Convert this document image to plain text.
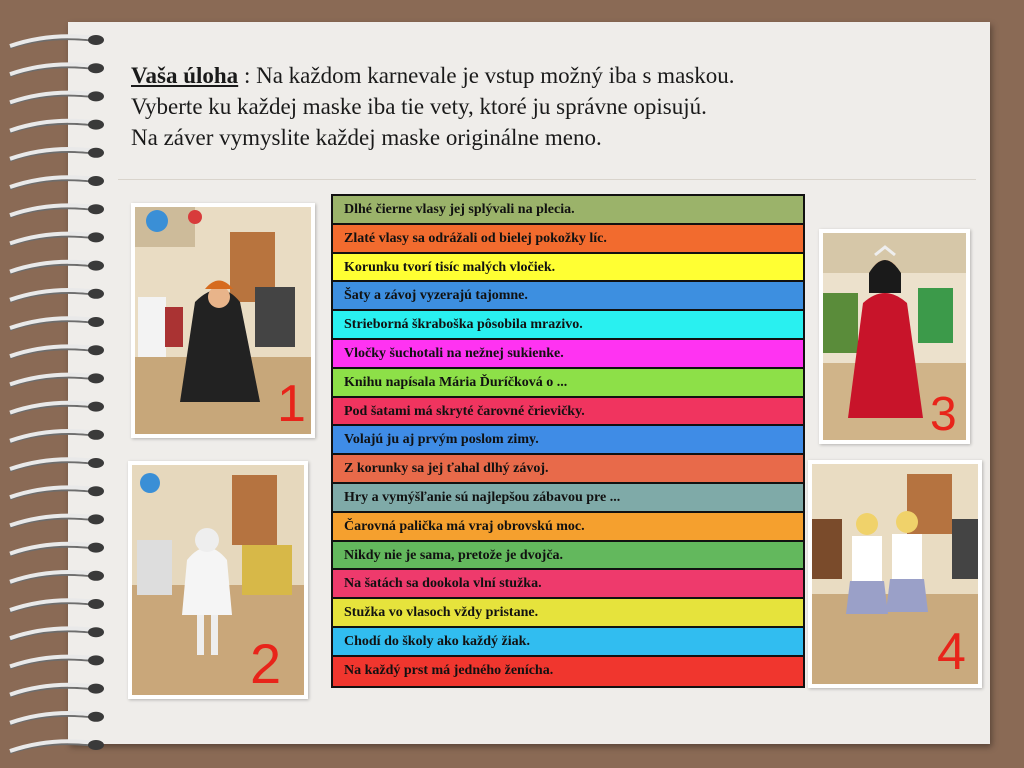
Vaša úloha : Na každom karnevale je vstup možný iba s maskou.
Vyberte ku každej maske iba tie vety, ktoré ju správne opisujú.
Na záver vymyslite každej maske originálne meno.
1
2
3
4
Dlhé čierne vlasy jej splývali na plecia.
Zlaté vlasy sa odrážali od bielej pokožky líc.
Korunku tvorí tisíc malých vločiek.
Šaty a závoj vyzerajú tajomne.
Strieborná škraboška pôsobila mrazivo.
Vločky šuchotali na nežnej sukienke.
Knihu napísala Mária Ďuríčková o ...
Pod šatami má skryté čarovné črievičky.
Volajú ju aj prvým poslom zimy.
Z korunky sa jej ťahal dlhý závoj.
Hry a vymýšľanie sú najlepšou zábavou pre ...
Čarovná palička má vraj obrovskú moc.
Nikdy nie je sama, pretože je dvojča.
Na šatách sa dookola vlní stužka.
Stužka vo vlasoch vždy pristane.
Chodí do školy ako každý žiak.
Na každý prst má jedného ženícha.
